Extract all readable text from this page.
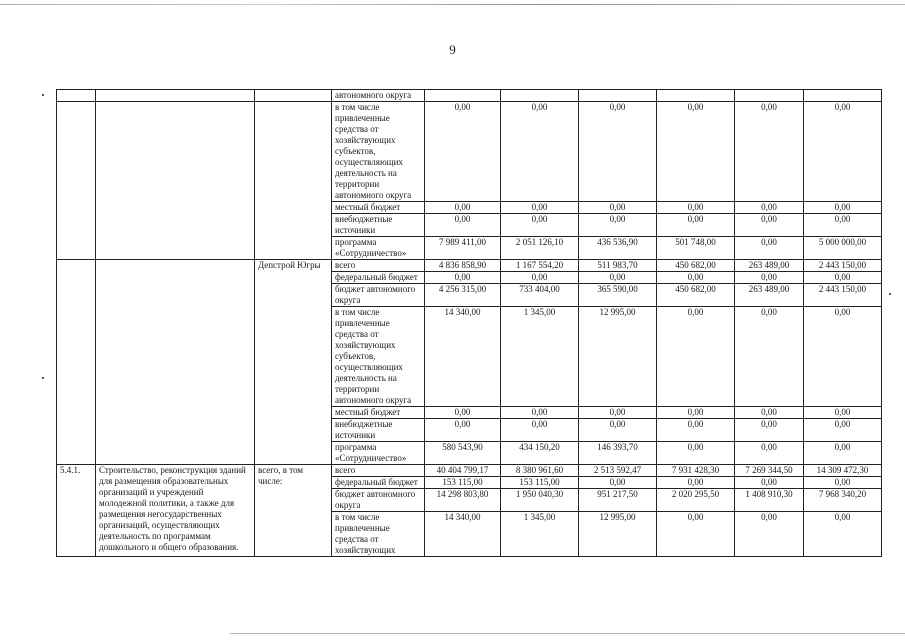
9
			автономного округа						
			в том числе привлеченные средства от хозяйствующих субъектов, осуществляющих деятельность на территории автономного округа	0,00	0,00	0,00	0,00	0,00	0,00
			местный бюджет	0,00	0,00	0,00	0,00	0,00	0,00
			внебюджетные источники	0,00	0,00	0,00	0,00	0,00	0,00
			программа «Сотрудничество»	7 989 411,00	2 051 126,10	436 536,90	501 748,00	0,00	5 000 000,00
		Депстрой Югры	всего	4 836 858,90	1 167 554,20	511 983,70	450 682,00	263 489,00	2 443 150,00
			федеральный бюджет	0,00	0,00	0,00	0,00	0,00	0,00
			бюджет автономного округа	4 256 315,00	733 404,00	365 590,00	450 682,00	263 489,00	2 443 150,00
			в том числе привлеченные средства от хозяйствующих субъектов, осуществляющих деятельность на территории автономного округа	14 340,00	1 345,00	12 995,00	0,00	0,00	0,00
			местный бюджет	0,00	0,00	0,00	0,00	0,00	0,00
			внебюджетные источники	0,00	0,00	0,00	0,00	0,00	0,00
			программа «Сотрудничество»	580 543,90	434 150,20	146 393,70	0,00	0,00	0,00
5.4.1.	Строительство, реконструкция зданий для размещения образовательных организаций и учреждений молодежной политики, а также для размещения негосударственных организаций, осуществляющих деятельность по программам дошкольного и общего образования.	всего, в том числе:	всего	40 404 799,17	8 380 961,60	2 513 592,47	7 931 428,30	7 269 344,50	14 309 472,30
			федеральный бюджет	153 115,00	153 115,00	0,00	0,00	0,00	0,00
			бюджет автономного округа	14 298 803,80	1 950 040,30	951 217,50	2 020 295,50	1 408 910,30	7 968 340,20
			в том числе привлеченные средства от хозяйствующих	14 340,00	1 345,00	12 995,00	0,00	0,00	0,00
